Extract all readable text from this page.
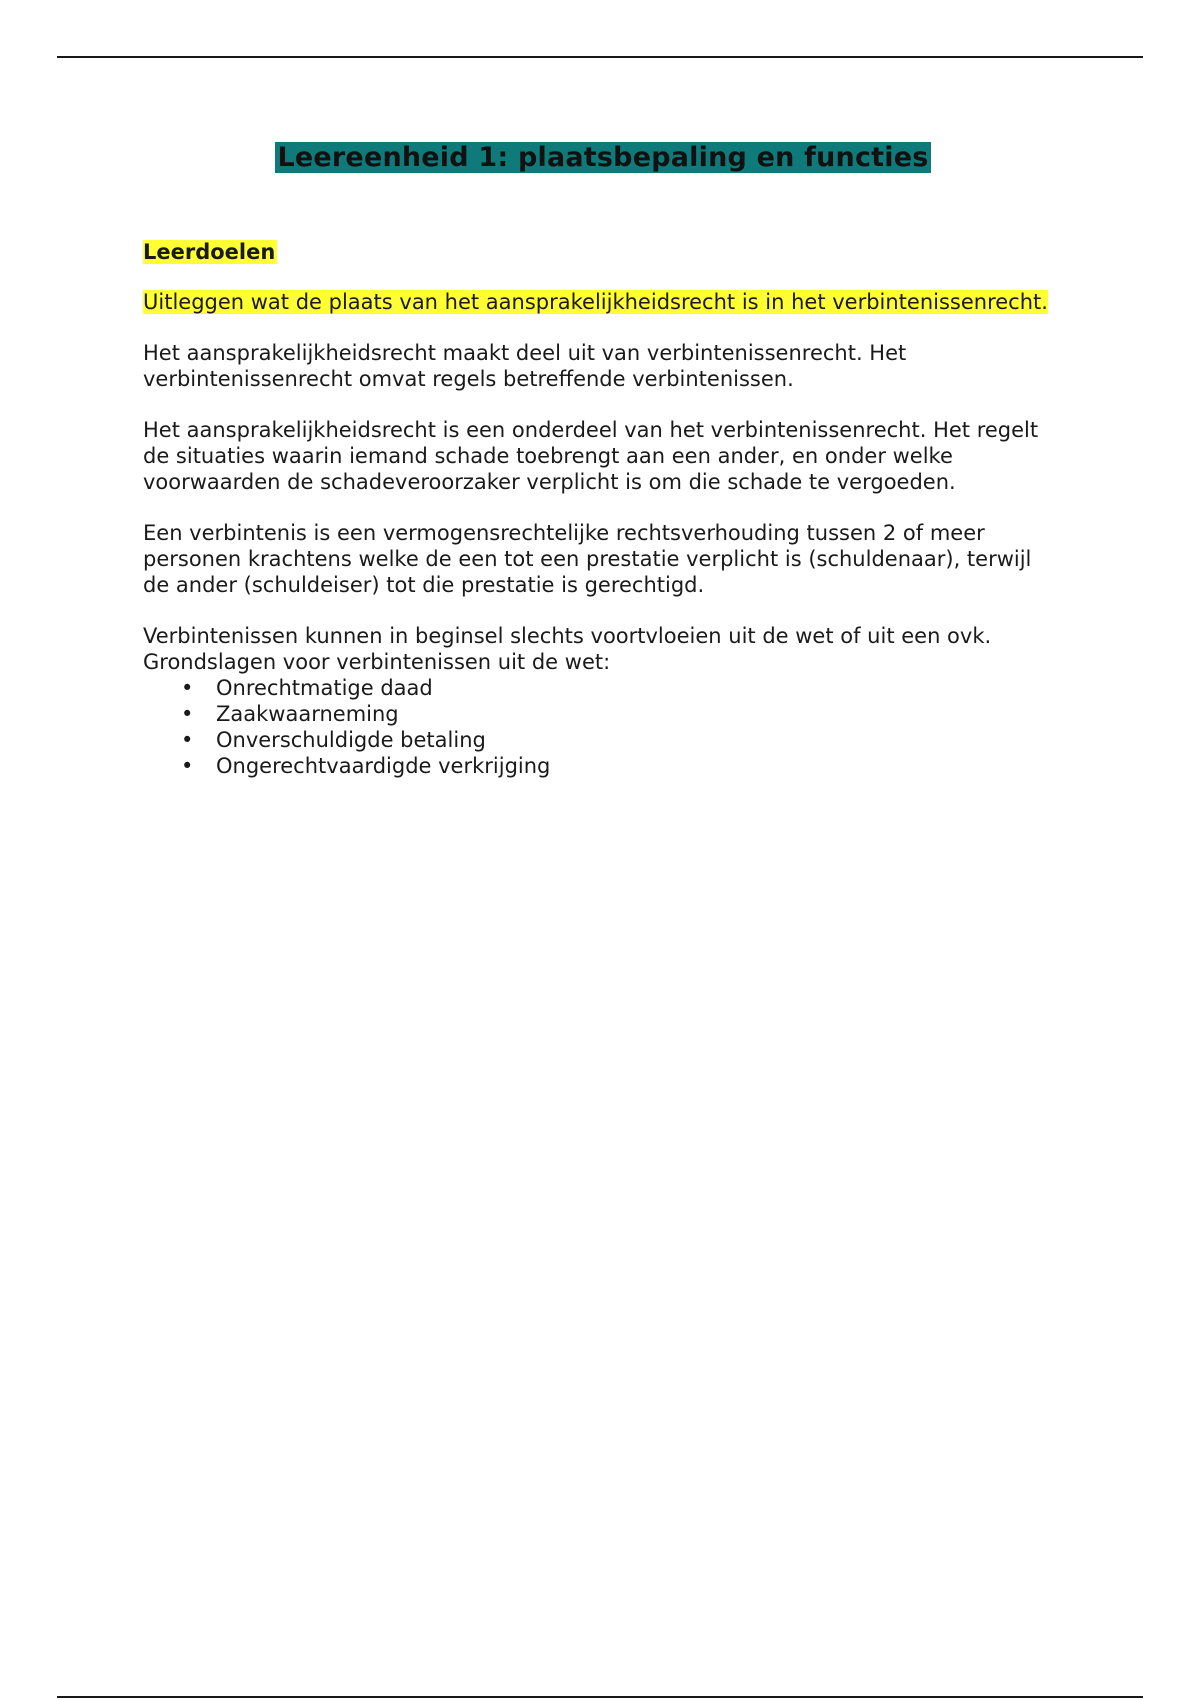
Leereenheid 1: plaatsbepaling en functies
Leerdoelen
Uitleggen wat de plaats van het aansprakelijkheidsrecht is in het verbintenissenrecht.

Het aansprakelijkheidsrecht maakt deel uit van verbintenissenrecht. Het verbintenissenrecht omvat regels betreffende verbintenissen.

Het aansprakelijkheidsrecht is een onderdeel van het verbintenissenrecht. Het regelt de situaties waarin iemand schade toebrengt aan een ander, en onder welke voorwaarden de schadeveroorzaker verplicht is om die schade te vergoeden.

Een verbintenis is een vermogensrechtelijke rechtsverhouding tussen 2 of meer personen krachtens welke de een tot een prestatie verplicht is (schuldenaar), terwijl de ander (schuldeiser) tot die prestatie is gerechtigd.

Verbintenissen kunnen in beginsel slechts voortvloeien uit de wet of uit een ovk.

Grondslagen voor verbintenissen uit de wet:

• Onrechtmatige daad
• Zaakwaarneming
• Onverschuldigde betaling
• Ongerechtvaardigde verkrijging
